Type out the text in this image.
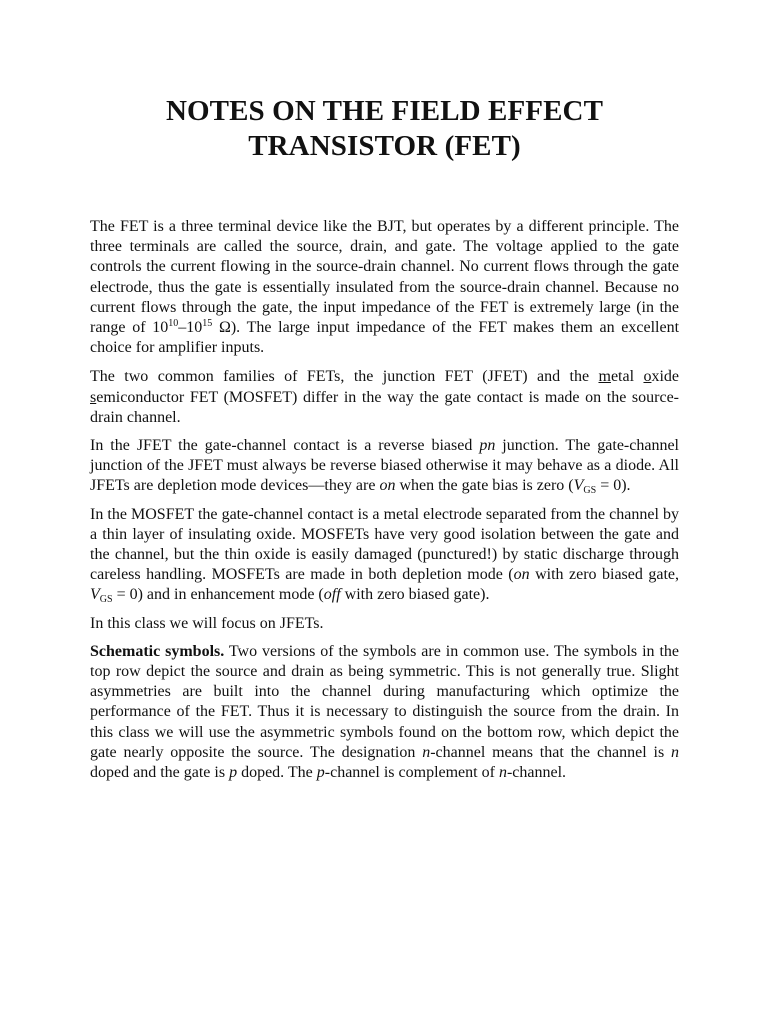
NOTES ON THE FIELD EFFECT TRANSISTOR (FET)

The FET is a three terminal device like the BJT, but operates by a different principle. The three terminals are called the source, drain, and gate. The voltage applied to the gate controls the current flowing in the source-drain channel. No current flows through the gate electrode, thus the gate is essentially insulated from the source-drain channel. Because no current flows through the gate, the input impedance of the FET is extremely large (in the range of $10^{10}-10^{15}$ Ω). The large input impedance of the FET makes them an excellent choice for amplifier inputs.

The two common families of FETs, the junction FET (JFET) and the metal oxide semiconductor FET (MOSFET) differ in the way the gate contact is made on the source-drain channel.

In the JFET the gate-channel contact is a reverse biased pn junction. The gate-channel junction of the JFET must always be reverse biased otherwise it may behave as a diode. All JFETs are depletion mode devices—they are on when the gate bias is zero $(V_{GS} = 0)$.

In the MOSFET the gate-channel contact is a metal electrode separated from the channel by a thin layer of insulating oxide. MOSFETs have very good isolation between the gate and the channel, but the thin oxide is easily damaged (punctured!) by static discharge through careless handling. MOSFETs are made in both depletion mode (on with zero biased gate, $V_{GS} = 0$) and in enhancement mode (off with zero biased gate).

In this class we will focus on JFETs.

Schematic symbols. Two versions of the symbols are in common use. The symbols in the top row depict the source and drain as being symmetric. This is not generally true. Slight asymmetries are built into the channel during manufacturing which optimize the performance of the FET. Thus it is necessary to distinguish the source from the drain. In this class we will use the asymmetric symbols found on the bottom row, which depict the gate nearly opposite the source. The designation n-channel means that the channel is n doped and the gate is p doped. The p-channel is complement of n-channel.
